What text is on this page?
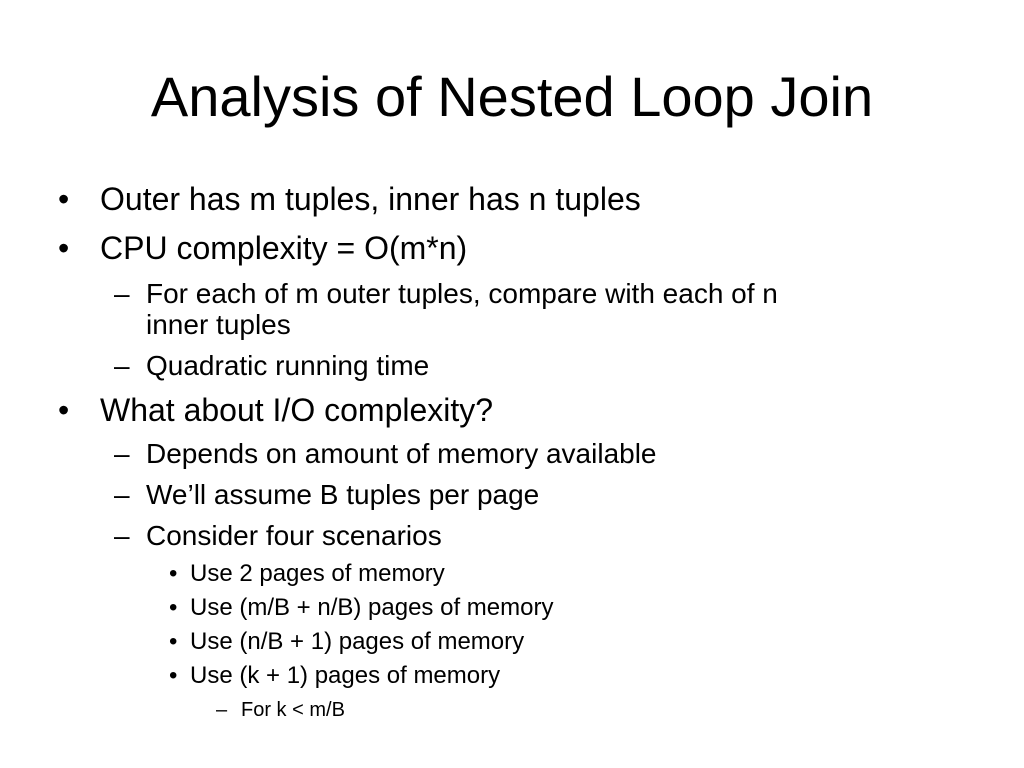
Analysis of Nested Loop Join
• Outer has m tuples, inner has n tuples
• CPU complexity = O(m*n)
– For each of m outer tuples, compare with each of n
inner tuples
– Quadratic running time
• What about I/O complexity?
– Depends on amount of memory available
– We’ll assume B tuples per page
– Consider four scenarios
• Use 2 pages of memory
• Use (m/B + n/B) pages of memory
• Use (n/B + 1) pages of memory
• Use (k + 1) pages of memory
– For k < m/B
